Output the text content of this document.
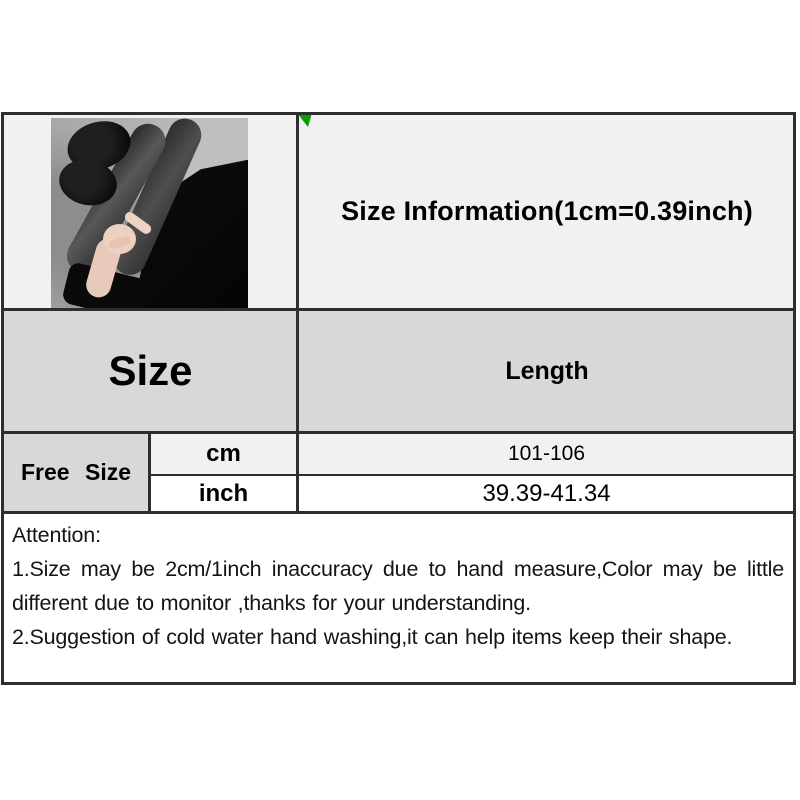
Size Information(1cm=0.39inch)
Size	Length
Free Size
cm
inch
101-106
39.39-41.34
Attention:
1.Size may be 2cm/1inch inaccuracy due to hand measure,Color may be little
different due to monitor ,thanks for your understanding.
2.Suggestion of cold water hand washing,it can help items keep their shape.
